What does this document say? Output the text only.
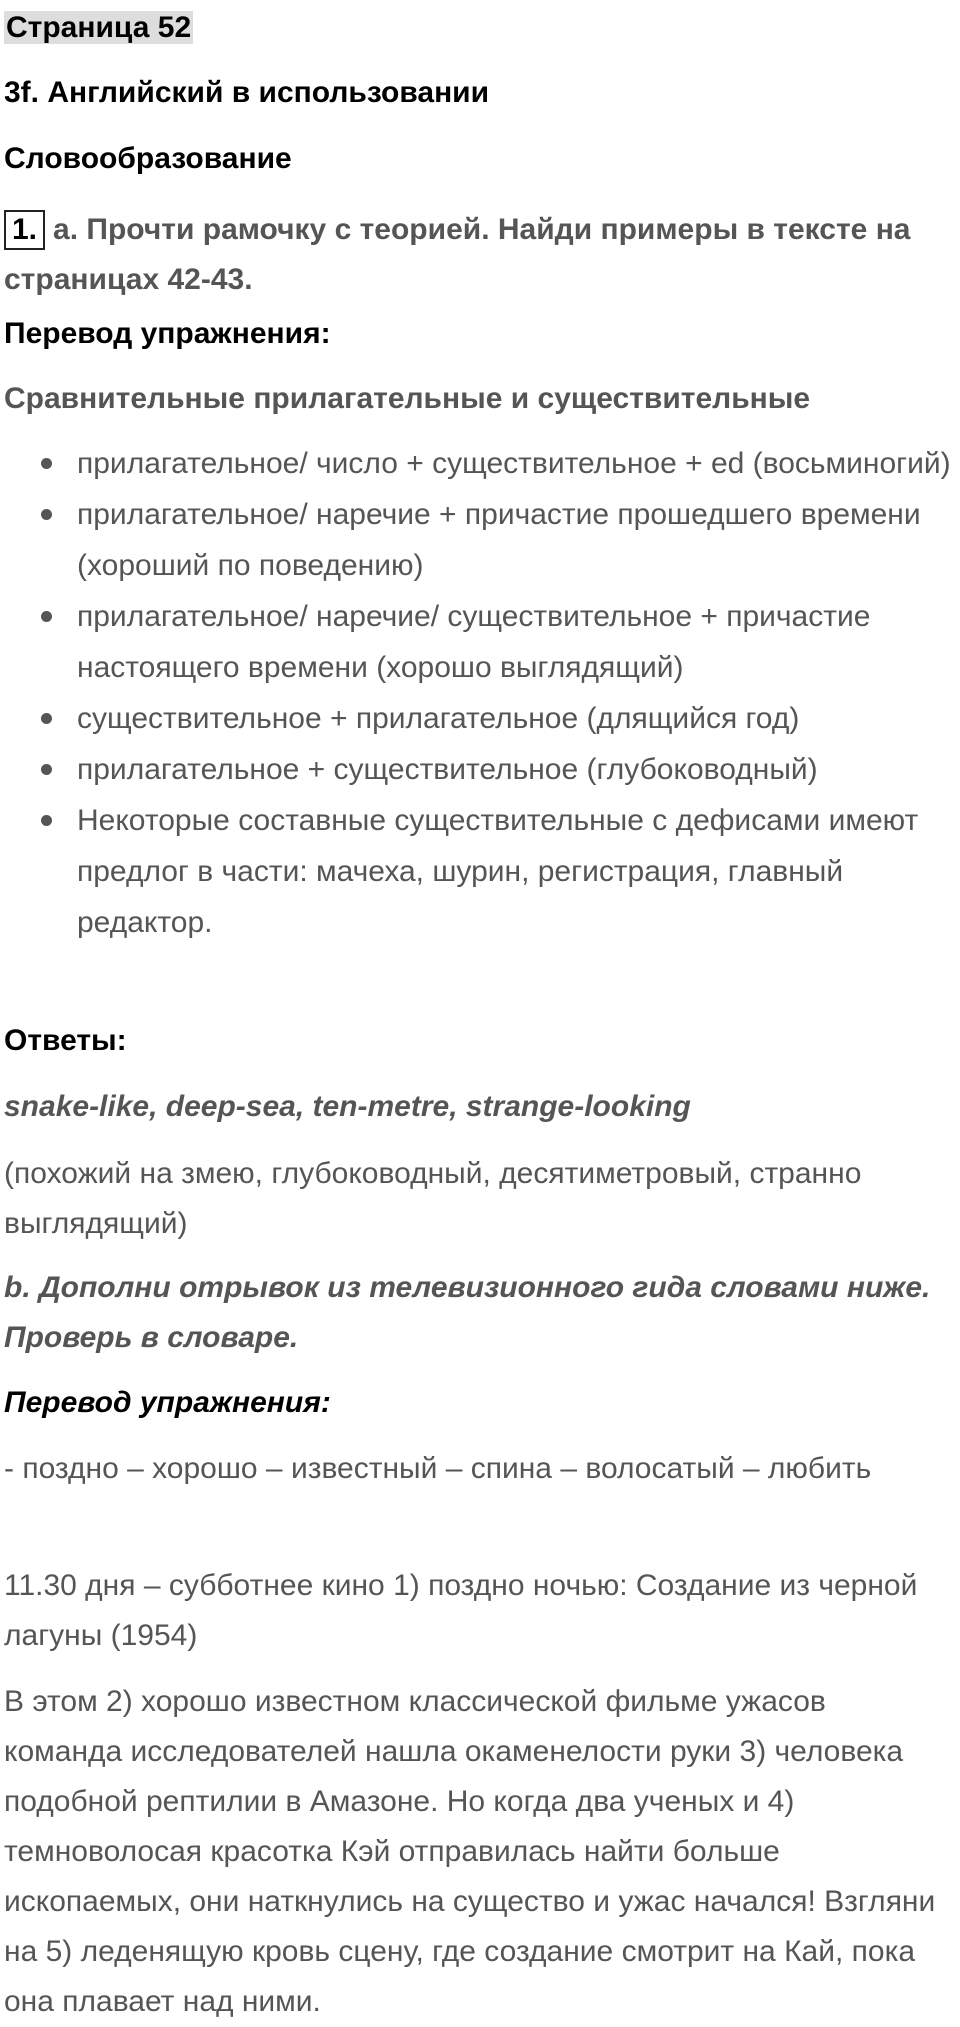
Страница 52
3f. Английский в использовании
Словообразование
1. a. Прочти рамочку с теорией. Найди примеры в тексте на страницах 42-43.
Перевод упражнения:
Сравнительные прилагательные и существительные
прилагательное/ число + существительное + ed (восьминогий)
прилагательное/ наречие + причастие прошедшего времени (хороший по поведению)
прилагательное/ наречие/ существительное + причастие настоящего времени (хорошо выглядящий)
существительное + прилагательное (длящийся год)
прилагательное + существительное (глубоководный)
Некоторые составные существительные с дефисами имеют предлог в части: мачеха, шурин, регистрация, главный редактор.
Ответы:
snake-like, deep-sea, ten-metre, strange-looking
(похожий на змею, глубоководный, десятиметровый, странно выглядящий)
b. Дополни отрывок из телевизионного гида словами ниже. Проверь в словаре.
Перевод упражнения:
- поздно – хорошо – известный – спина – волосатый – любить
11.30 дня – субботнее кино 1) поздно ночью: Создание из черной лагуны (1954)
В этом 2) хорошо известном классической фильме ужасов команда исследователей нашла окаменелости руки 3) человека подобной рептилии в Амазоне. Но когда два ученых и 4) темноволосая красотка Кэй отправилась найти больше ископаемых, они наткнулись на существо и ужас начался! Взгляни на 5) леденящую кровь сцену, где создание смотрит на Кай, пока она плавает над ними.
